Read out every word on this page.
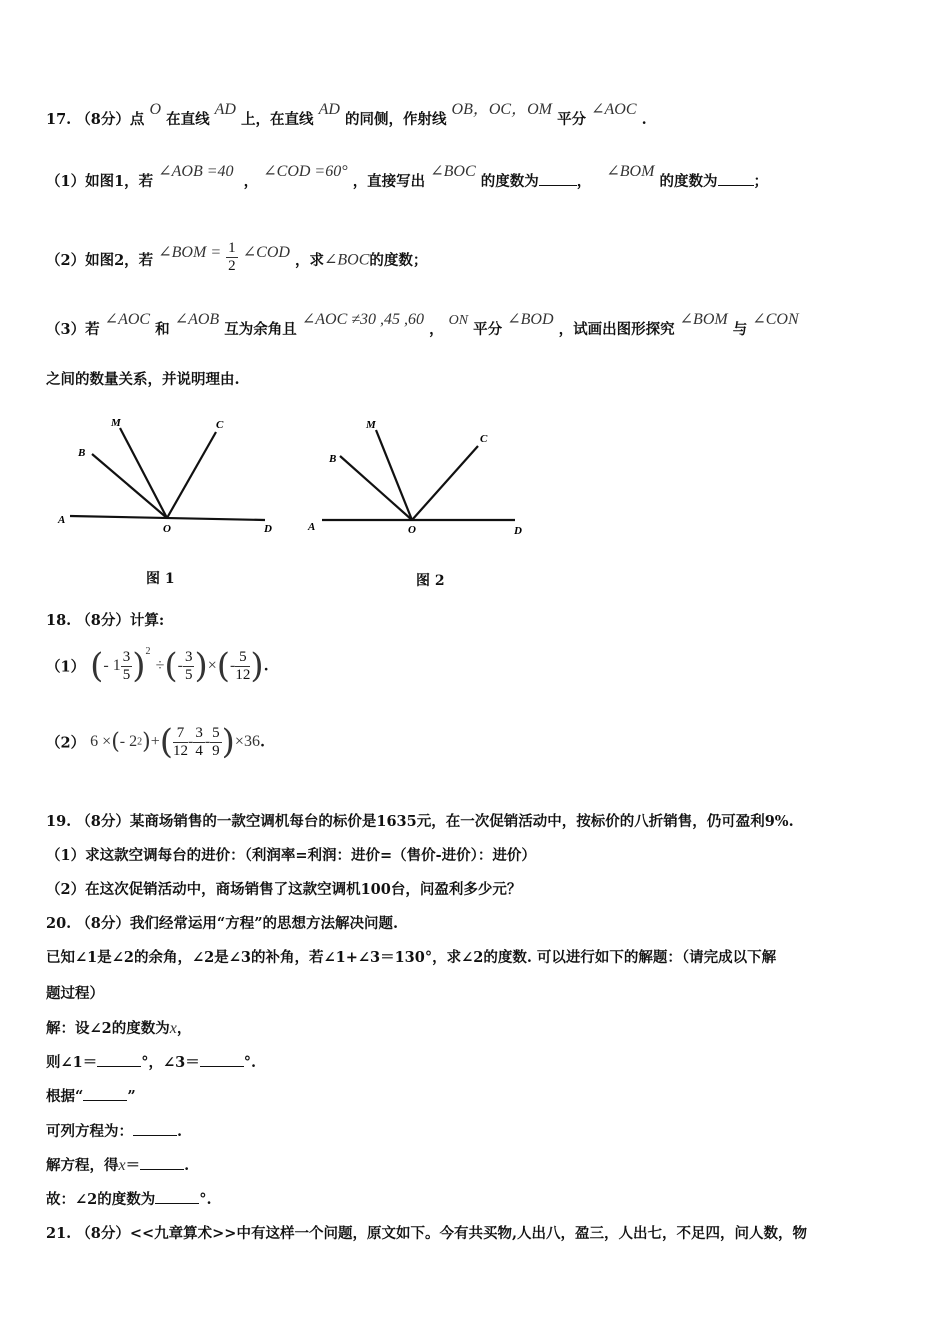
17. （8分）点 O 在直线 AD 上，在直线 AD 的同侧，作射线 OB，OC，OM 平分 ∠AOC .
（1）如图1，若 ∠AOB =40  ， ∠COD =60° ，直接写出 ∠BOC 的度数为	，   ∠BOM 的度数为 ；
（2）如图2，若 ∠BOM = $\frac{1}{2}$ ∠COD ，求∠BOC的度数；
（3）若 ∠AOC 和 ∠AOB 互为余角且 ∠AOC ≠30 ,45 ,60 ， ON 平分 ∠BOD ，试画出图形探究 ∠BOM 与 ∠CON
之间的数量关系，并说明理由.
A
O	D
B
M	C
图 1
A	O	D
B
M
C
图 2
18. （8分）计算:
（1） (- $1 \frac{3}{5} )^2$ ÷(- $\frac{3}{5}$ )×(- $\frac{5}{12}$ ).
（2） 6 ×(- $22)+( \frac{7}{12} - \frac{3}{4} - \frac{5}{9} )\times 36$.
19. （8分）某商场销售的一款空调机每台的标价是1635元，在一次促销活动中，按标价的八折销售，仍可盈利9%.
（1）求这款空调每台的进价：（利润率=利润：进价=（售价-进价）：进价）
（2）在这次促销活动中，商场销售了这款空调机100台，问盈利多少元？
20. （8分）我们经常运用“方程”的思想方法解决问题.
已知∠1是∠2的余角，∠2是∠3的补角，若∠1+∠3＝130°，求∠2的度数. 可以进行如下的解题：（请完成以下解
题过程）
解：设∠2的度数为x，
则∠1＝	°，∠3＝	°.
根据“	”
可列方程为：	.
解方程，得x＝	.
故：∠2的度数为	°.
21. （8分）<<九章算术>>中有这样一个问题，原文如下。今有共买物,人出八，盈三，人出七，不足四，问人数，物
